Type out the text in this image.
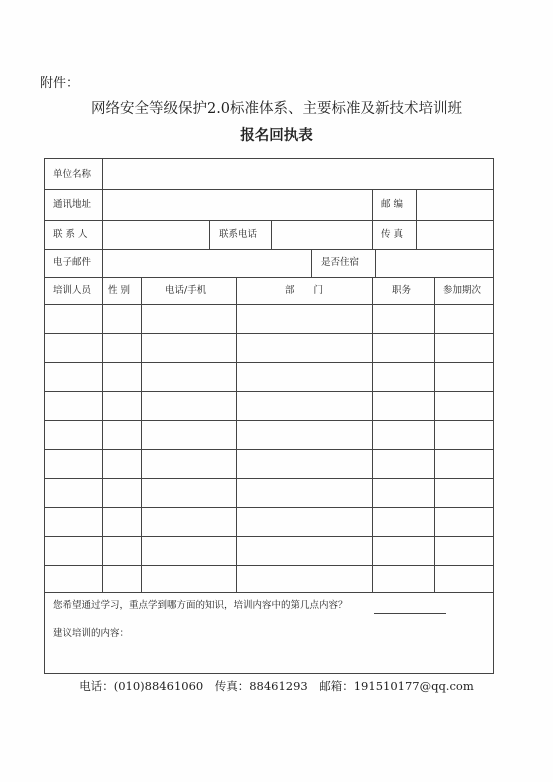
附件：
网络安全等级保护2.0标准体系、主要标准及新技术培训班
报名回执表
单位名称
通讯地址	邮 编
联 系 人	联系电话	传 真
电子邮件	是否住宿
培训人员 性 别	电话/手机	部　　门	职务	参加期次
您希望通过学习，重点学到哪方面的知识，培训内容中的第几点内容？
建议培训的内容：
电话：(010)88461060　传真：88461293　邮箱：191510177@qq.com
